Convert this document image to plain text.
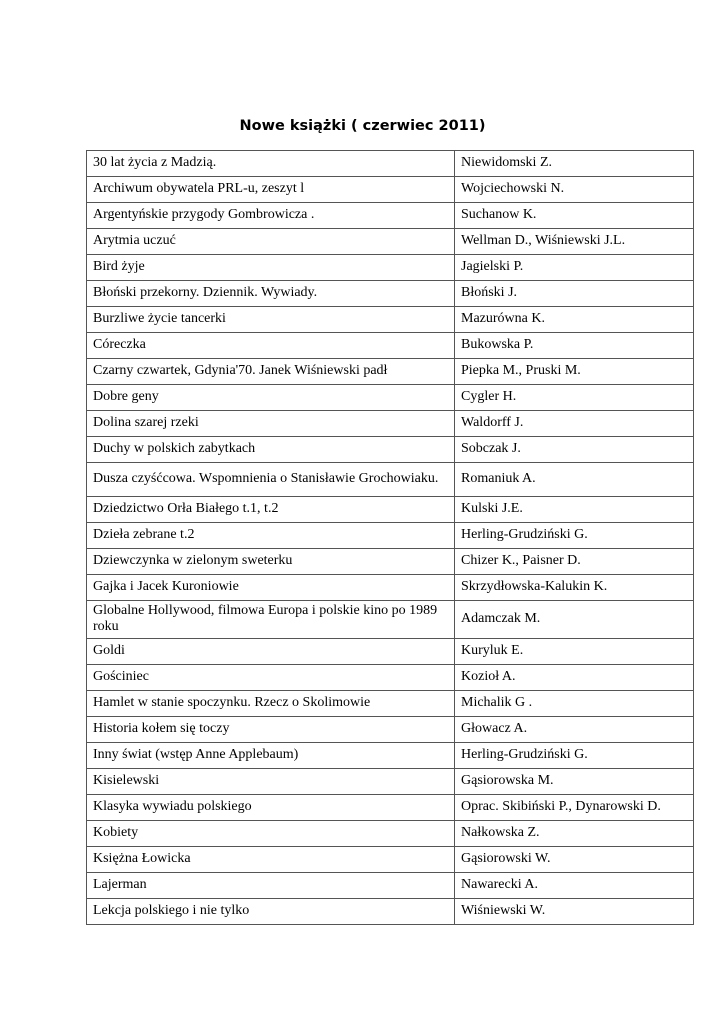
Nowe książki ( czerwiec 2011)
30 lat życia z Madzią.	Niewidomski Z.
Archiwum obywatela PRL-u, zeszyt l	Wojciechowski N.
Argentyńskie przygody Gombrowicza .	Suchanow K.
Arytmia uczuć	Wellman D., Wiśniewski J.L.
Bird żyje	Jagielski P.
Błoński przekorny. Dziennik. Wywiady.	Błoński J.
Burzliwe życie tancerki	Mazurówna K.
Córeczka	Bukowska P.
Czarny czwartek, Gdynia'70. Janek Wiśniewski padł	Piepka M., Pruski M.
Dobre geny	Cygler H.
Dolina szarej rzeki	Waldorff J.
Duchy w polskich zabytkach	Sobczak J.
Dusza czyśćcowa. Wspomnienia o Stanisławie Grochowiaku.	Romaniuk A.
Dziedzictwo Orła Białego t.1, t.2	Kulski J.E.
Dzieła zebrane t.2	Herling-Grudziński G.
Dziewczynka w zielonym sweterku	Chizer K., Paisner D.
Gajka i Jacek Kuroniowie	Skrzydłowska-Kalukin K.
Globalne Hollywood, filmowa Europa i polskie kino po 1989 roku	Adamczak M.
Goldi	Kuryluk E.
Gościniec	Kozioł A.
Hamlet w stanie spoczynku. Rzecz o Skolimowie	Michalik G .
Historia kołem się toczy	Głowacz A.
Inny świat (wstęp Anne Applebaum)	Herling-Grudziński G.
Kisielewski	Gąsiorowska M.
Klasyka wywiadu polskiego	Oprac. Skibiński P., Dynarowski D.
Kobiety	Nałkowska Z.
Księżna Łowicka	Gąsiorowski W.
Lajerman	Nawarecki A.
Lekcja polskiego i nie tylko	Wiśniewski W.
